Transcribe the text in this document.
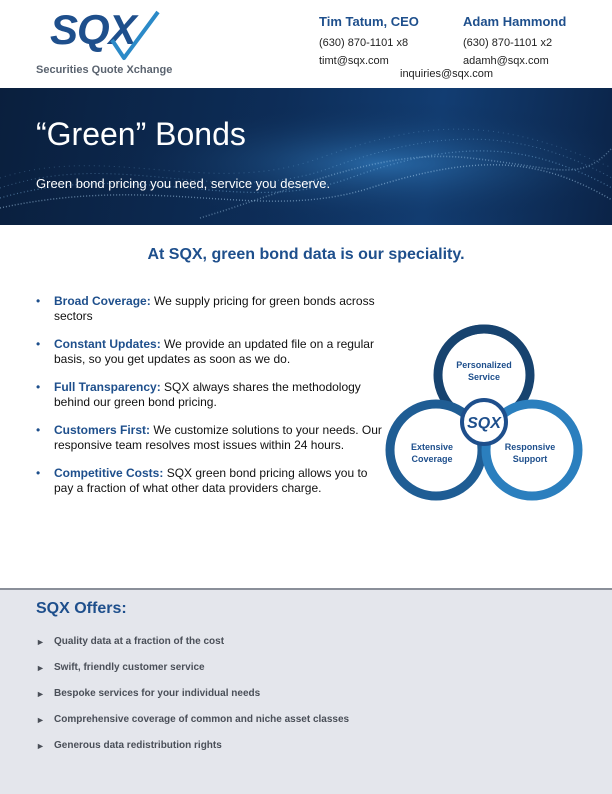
SQX
Securities Quote Xchange
Tim Tatum, CEO
(630) 870-1101 x8
timt@sqx.com
Adam Hammond
(630) 870-1101 x2
adamh@sqx.com
inquiries@sqx.com
“Green” Bonds
Green bond pricing you need, service you deserve.
At SQX, green bond data is our speciality.
• Broad Coverage: We supply pricing for green bonds across sectors
• Constant Updates: We provide an updated file on a regular basis, so you get updates as soon as we do.
• Full Transparency: SQX always shares the methodology behind our green bond pricing.
• Customers First: We customize solutions to your needs. Our responsive team resolves most issues within 24 hours.
• Competitive Costs: SQX green bond pricing allows you to pay a fraction of what other data providers charge.
SQX
Personalized
Service
Extensive
Coverage
Responsive
Support
SQX Offers:
► Quality data at a fraction of the cost
► Swift, friendly customer service
► Bespoke services for your individual needs
► Comprehensive coverage of common and niche asset classes
► Generous data redistribution rights
